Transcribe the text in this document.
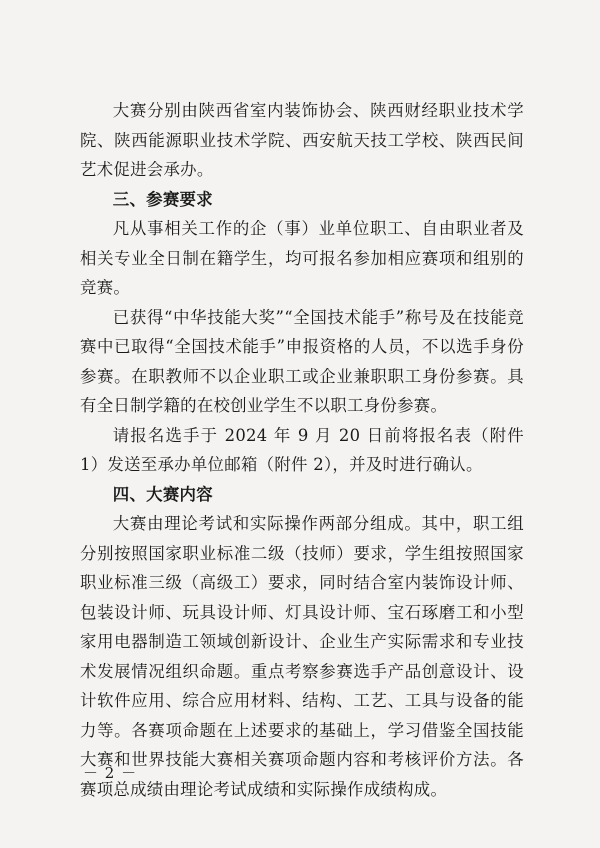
大赛分别由陕西省室内装饰协会、陕西财经职业技术学院、陕西能源职业技术学院、西安航天技工学校、陕西民间艺术促进会承办。

三、参赛要求

凡从事相关工作的企（事）业单位职工、自由职业者及相关专业全日制在籍学生，均可报名参加相应赛项和组别的竞赛。

已获得“中华技能大奖”“全国技术能手”称号及在技能竞赛中已取得“全国技术能手”申报资格的人员，不以选手身份参赛。在职教师不以企业职工或企业兼职职工身份参赛。具有全日制学籍的在校创业学生不以职工身份参赛。

请报名选手于 2024 年 9 月 20 日前将报名表（附件 1）发送至承办单位邮箱（附件 2），并及时进行确认。

四、大赛内容

大赛由理论考试和实际操作两部分组成。其中，职工组分别按照国家职业标准二级（技师）要求，学生组按照国家职业标准三级（高级工）要求，同时结合室内装饰设计师、包装设计师、玩具设计师、灯具设计师、宝石琢磨工和小型家用电器制造工领域创新设计、企业生产实际需求和专业技术发展情况组织命题。重点考察参赛选手产品创意设计、设计软件应用、综合应用材料、结构、工艺、工具与设备的能力等。各赛项命题在上述要求的基础上，学习借鉴全国技能大赛和世界技能大赛相关赛项命题内容和考核评价方法。各赛项总成绩由理论考试成绩和实际操作成绩构成。

－ 2 －
